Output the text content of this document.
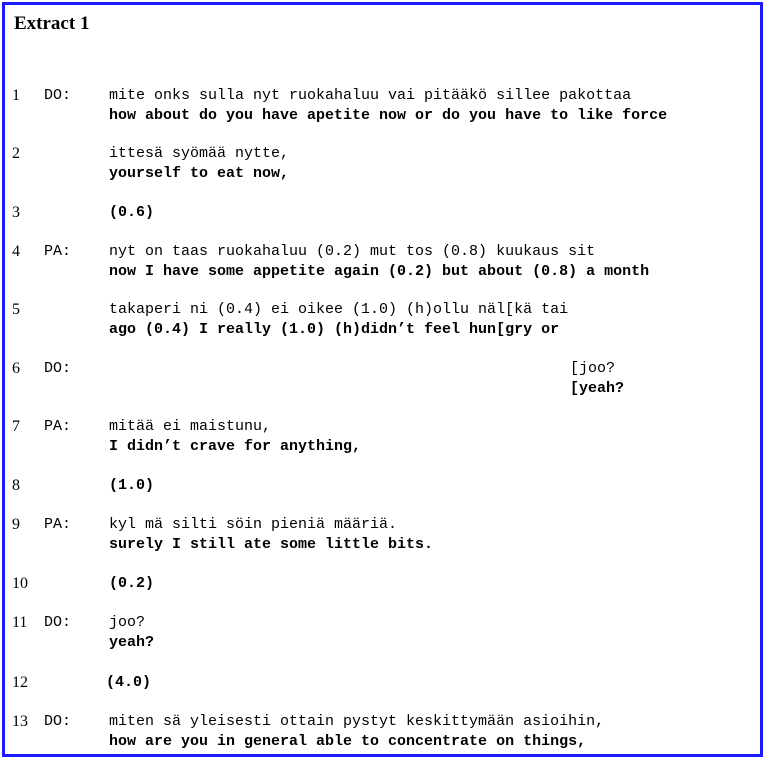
Extract 1
1 DO:	mite onks sulla nyt ruokahaluu vai pitääkö sillee pakottaa
how about do you have apetite now or do you have to like force
2	ittesä syömää nytte,
yourself to eat now,
3	(0.6)
4 PA:	nyt on taas ruokahaluu (0.2) mut tos (0.8) kuukaus sit
now I have some appetite again (0.2) but about (0.8) a month
5	takaperi ni (0.4) ei oikee (1.0) (h)ollu näl[kä tai
ago (0.4) I really (1.0) (h)didn’t feel hun[gry or
6 DO:	[joo?
[yeah?
7 PA:	mitää ei maistunu,
I didn’t crave for anything,
8	(1.0)
9 PA:	kyl mä silti söin pieniä määriä.
surely I still ate some little bits.
10	(0.2)
11 DO:	joo?
yeah?
12	(4.0)
13 DO:	miten sä yleisesti ottain pystyt keskittymään asioihin,
how are you in general able to concentrate on things,
